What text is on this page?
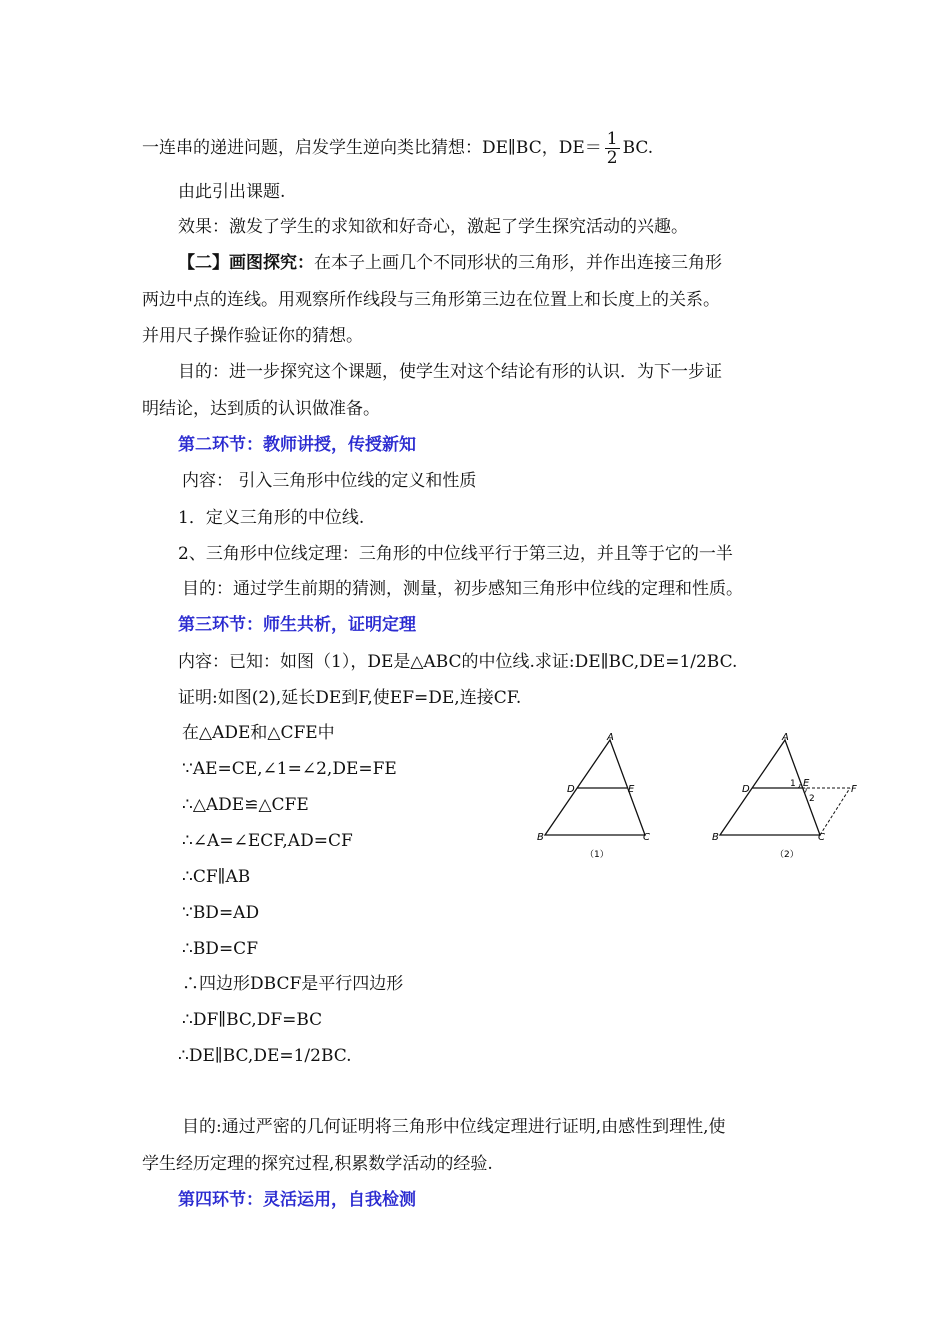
一连串的递进问题，启发学生逆向类比猜想：DE∥BC，$DE= \frac{1}{2}$ BC.
由此引出课题.
效果：激发了学生的求知欲和好奇心，激起了学生探究活动的兴趣。
【二】画图探究：在本子上画几个不同形状的三角形，并作出连接三角形
两边中点的连线。用观察所作线段与三角形第三边在位置上和长度上的关系。
并用尺子操作验证你的猜想。
目的：进一步探究这个课题，使学生对这个结论有形的认识．为下一步证
明结论，达到质的认识做准备。
第二环节：教师讲授，传授新知
内容： 引入三角形中位线的定义和性质
1．定义三角形的中位线.
2、三角形中位线定理：三角形的中位线平行于第三边，并且等于它的一半
目的：通过学生前期的猜测，测量，初步感知三角形中位线的定理和性质。
第三环节：师生共析，证明定理
内容：已知：如图（1），DE是△ABC的中位线.求证:DE∥BC,DE=1/2BC.
证明:如图(2),延长DE到F,使EF=DE,连接CF.
在△ADE和△CFE中
∵AE=CE,∠1=∠2,DE=FE
∴△ADE≌△CFE
∴∠A=∠ECF,AD=CF
∴CF∥AB
∵BD=AD
∴BD=CF
∴四边形DBCF是平行四边形
∴DF∥BC,DF=BC
∴DE∥BC,DE=1/2BC.
目的:通过严密的几何证明将三角形中位线定理进行证明,由感性到理性,使
学生经历定理的探究过程,积累数学活动的经验.
第四环节：灵活运用，自我检测
A
B	C
D	E
（1）
A
B	C
D
E
F
1
2
（2）
